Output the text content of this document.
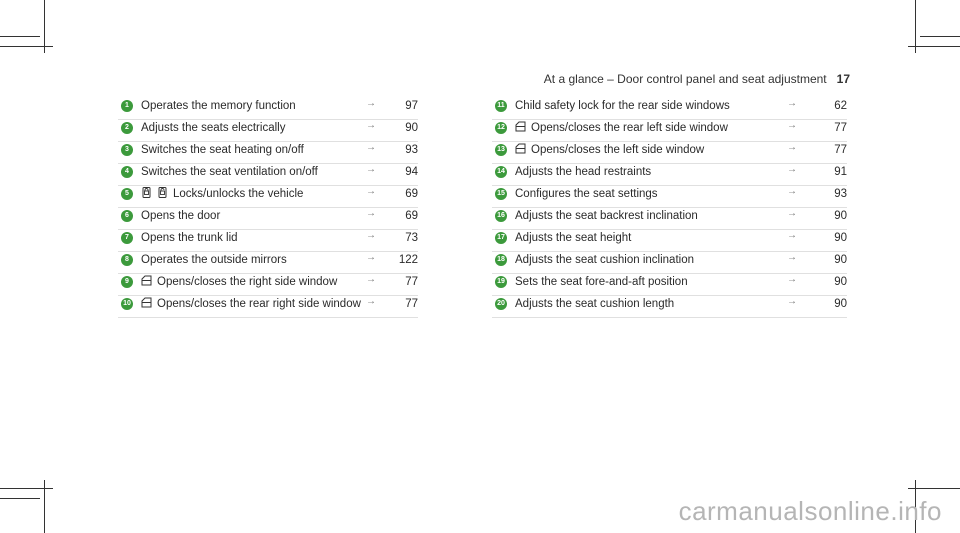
At a glance – Door control panel and seat adjustment 17
1	Operates the memory function	→	97
2	Adjusts the seats electrically	→	90
3	Switches the seat heating on/off	→	93
4	Switches the seat ventilation on/off	→	94
5	Locks/unlocks the vehicle	→	69
6	Opens the door	→	69
7	Opens the trunk lid	→	73
8	Operates the outside mirrors	→	122
9	Opens/closes the right side window	→	77
10	Opens/closes the rear right side window →	77
11 Child safety lock for the rear side windows	→	62
12	Opens/closes the rear left side window	→	77
13	Opens/closes the left side window	→	77
14 Adjusts the head restraints	→	91
15 Configures the seat settings	→	93
16 Adjusts the seat backrest inclination	→	90
17 Adjusts the seat height	→	90
18 Adjusts the seat cushion inclination	→	90
19 Sets the seat fore-and-aft position	→	90
20 Adjusts the seat cushion length	→	90
carmanualsonline.info
